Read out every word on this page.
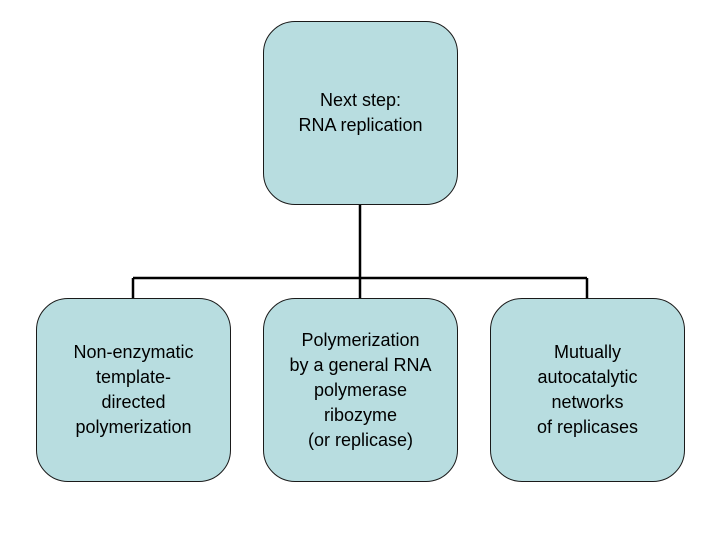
Next step:
RNA replication
Non-enzymatic
template-
directed
polymerization
Polymerization
by a general RNA
polymerase
ribozyme
(or replicase)
Mutually
autocatalytic
networks
of replicases
